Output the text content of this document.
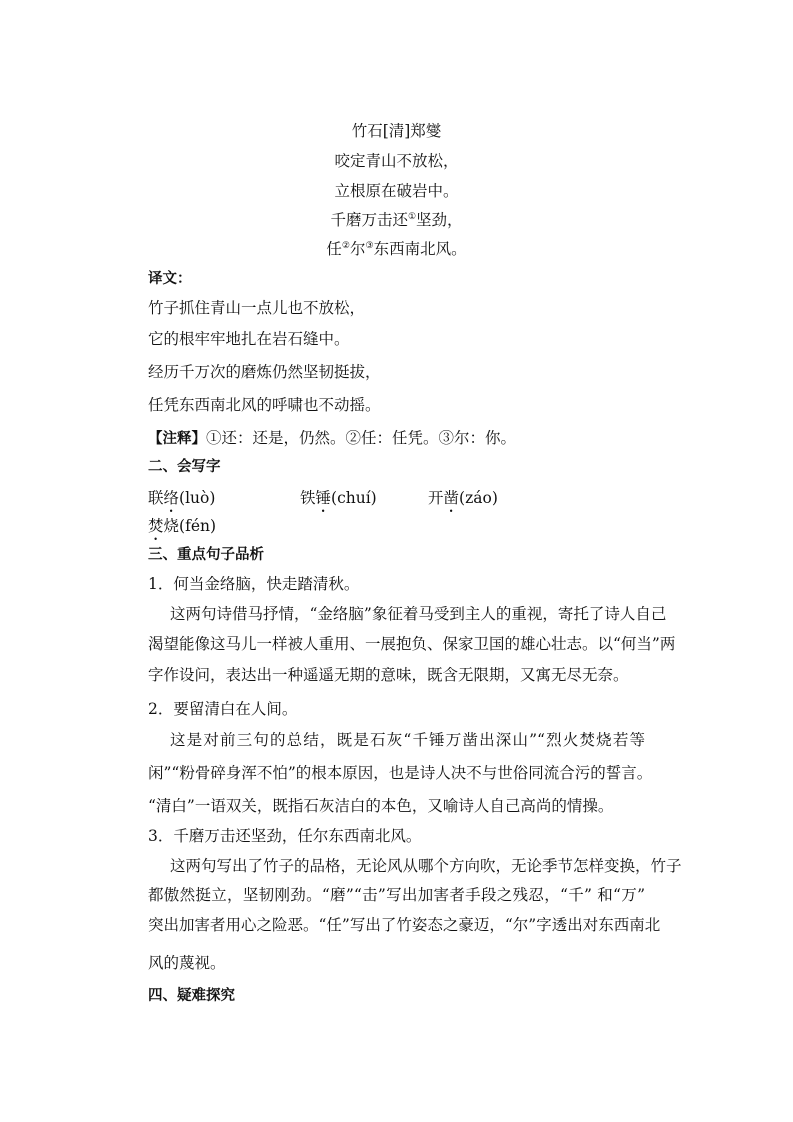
竹石[清]郑燮
咬定青山不放松，
立根原在破岩中。
千磨万击还①坚劲，
任②尔③东西南北风。
译文：
竹子抓住青山一点儿也不放松，
它的根牢牢地扎在岩石缝中。
经历千万次的磨炼仍然坚韧挺拔，
任凭东西南北风的呼啸也不动摇。
【注释】①还：还是，仍然。②任：任凭。③尔：你。
二、会写字
联络(luò)	铁锤(chuí)	开凿(záo)
焚烧(fén)
三、重点句子品析
1．何当金络脑，快走踏清秋。
这两句诗借马抒情，“金络脑”象征着马受到主人的重视，寄托了诗人自己
渴望能像这马儿一样被人重用、一展抱负、保家卫国的雄心壮志。以“何当”两
字作设问，表达出一种遥遥无期的意味，既含无限期，又寓无尽无奈。
2．要留清白在人间。
这是对前三句的总结，既是石灰“千锤万凿出深山”“烈火焚烧若等
闲”“粉骨碎身浑不怕”的根本原因，也是诗人决不与世俗同流合污的誓言。
“清白”一语双关，既指石灰洁白的本色，又喻诗人自己高尚的情操。
3．千磨万击还坚劲，任尔东西南北风。
这两句写出了竹子的品格，无论风从哪个方向吹，无论季节怎样变换，竹子
都傲然挺立，坚韧刚劲。“磨”“击”写出加害者手段之残忍，“千” 和“万”
突出加害者用心之险恶。“任”写出了竹姿态之豪迈，“尔”字透出对东西南北
风的蔑视。
四、疑难探究
